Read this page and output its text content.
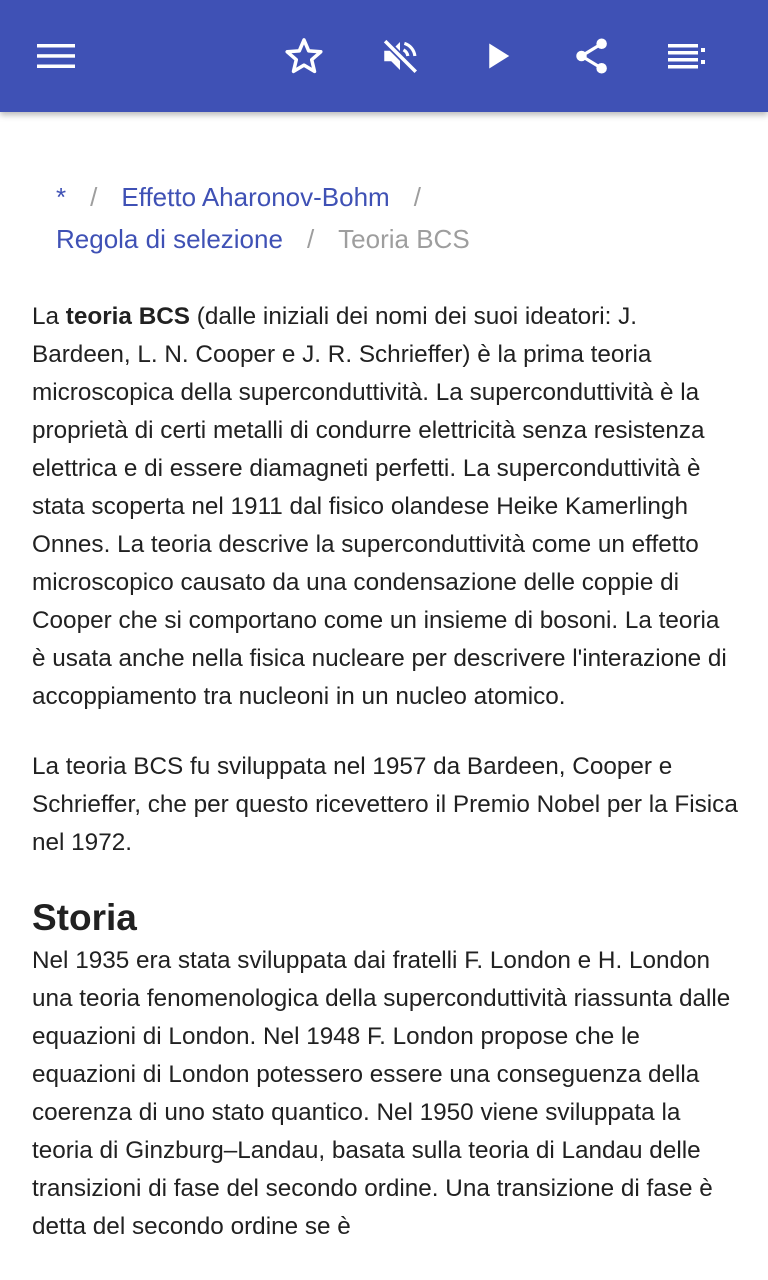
* / Effetto Aharonov-Bohm /
Regola di selezione / Teoria BCS

La teoria BCS (dalle iniziali dei nomi dei suoi ideatori: J. Bardeen, L. N. Cooper e J. R. Schrieffer) è la prima teoria microscopica della superconduttività. La superconduttività è la proprietà di certi metalli di condurre elettricità senza resistenza elettrica e di essere diamagneti perfetti. La superconduttività è stata scoperta nel 1911 dal fisico olandese Heike Kamerlingh Onnes. La teoria descrive la superconduttività come un effetto microscopico causato da una condensazione delle coppie di Cooper che si comportano come un insieme di bosoni. La teoria è usata anche nella fisica nucleare per descrivere l'interazione di accoppiamento tra nucleoni in un nucleo atomico.

La teoria BCS fu sviluppata nel 1957 da Bardeen, Cooper e Schrieffer, che per questo ricevettero il Premio Nobel per la Fisica nel 1972.

Storia

Nel 1935 era stata sviluppata dai fratelli F. London e H. London una teoria fenomenologica della superconduttività riassunta dalle equazioni di London. Nel 1948 F. London propose che le equazioni di London potessero essere una conseguenza della coerenza di uno stato quantico. Nel 1950 viene sviluppata la teoria di Ginzburg–Landau, basata sulla teoria di Landau delle transizioni di fase del secondo ordine. Una transizione di fase è detta del secondo ordine se è
